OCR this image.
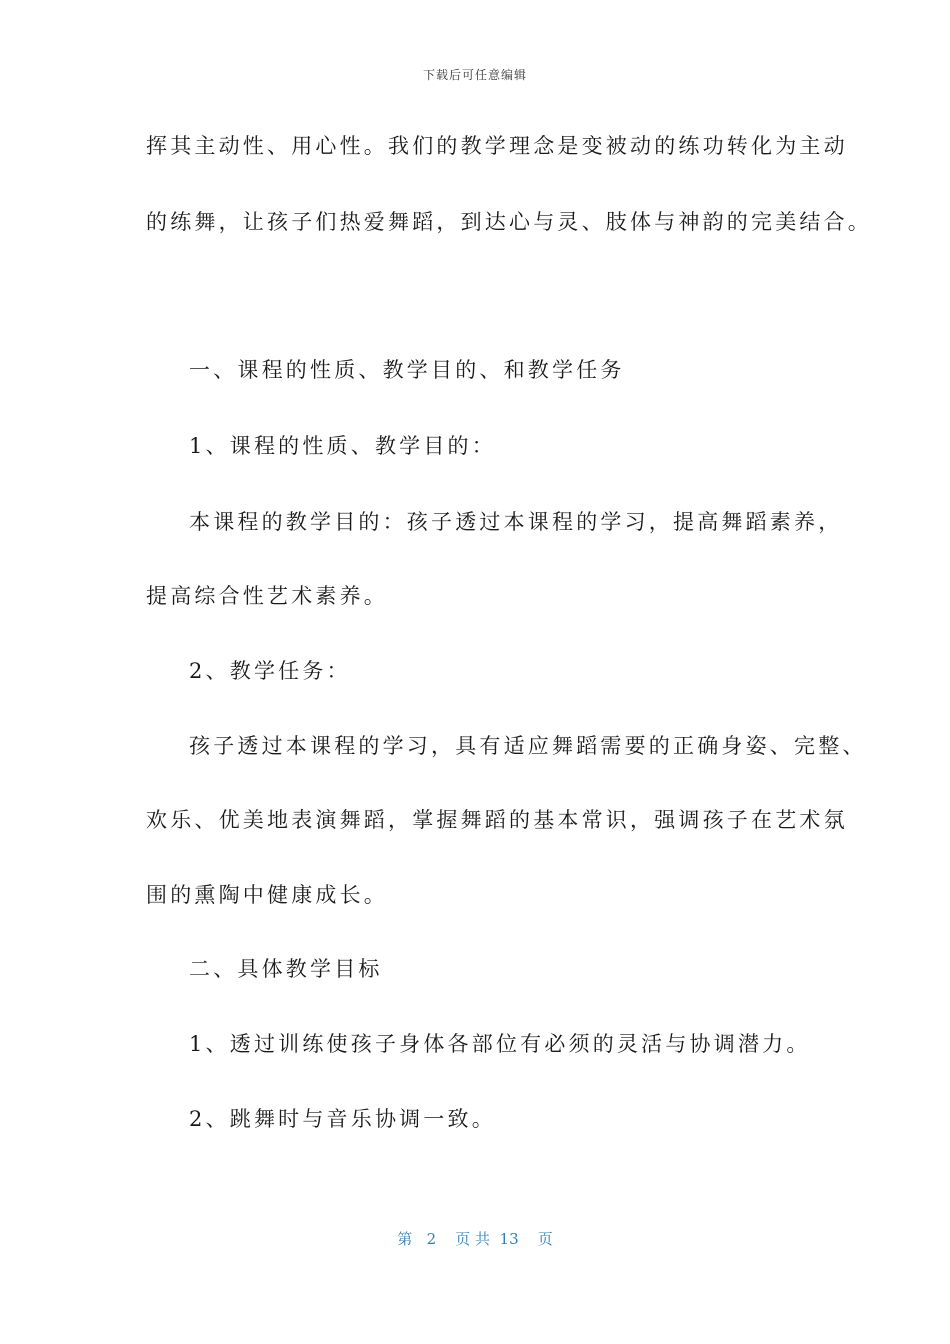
下载后可任意编辑
挥其主动性、用心性。我们的教学理念是变被动的练功转化为主动
的练舞，让孩子们热爱舞蹈，到达心与灵、肢体与神韵的完美结合。
一、课程的性质、教学目的、和教学任务
1、课程的性质、教学目的：
本课程的教学目的：孩子透过本课程的学习，提高舞蹈素养，
提高综合性艺术素养。
2、教学任务：
孩子透过本课程的学习，具有适应舞蹈需要的正确身姿、完整、
欢乐、优美地表演舞蹈，掌握舞蹈的基本常识，强调孩子在艺术氛
围的熏陶中健康成长。
二、具体教学目标
1、透过训练使孩子身体各部位有必须的灵活与协调潜力。
2、跳舞时与音乐协调一致。
第 2 页 共 13 页
